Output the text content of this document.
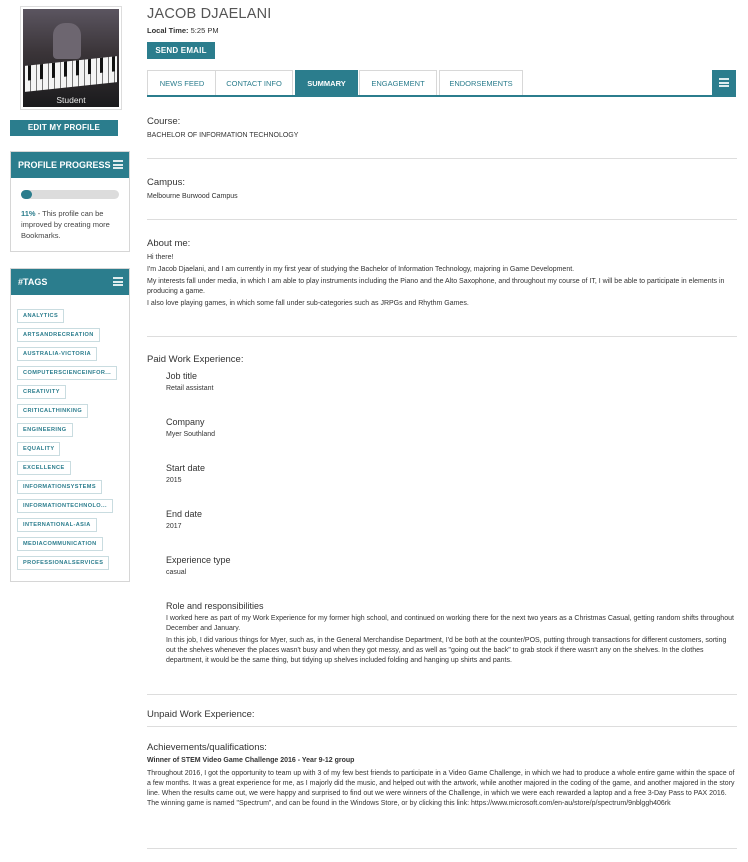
Student
EDIT MY PROFILE
PROFILE PROGRESS
11% - This profile can be improved by creating more Bookmarks.
#TAGS
ANALYTICS
ARTSANDRECREATION
AUSTRALIA-VICTORIA
COMPUTERSCIENCEINFOR...
CREATIVITY
CRITICALTHINKING
ENGINEERING
EQUALITY
EXCELLENCE
INFORMATIONSYSTEMS
INFORMATIONTECHNOLO...
INTERNATIONAL-ASIA
MEDIACOMMUNICATION
PROFESSIONALSERVICES
JACOB DJAELANI
Local Time: 5:25 PM
SEND EMAIL
NEWS FEED	CONTACT INFO	SUMMARY	ENGAGEMENT	ENDORSEMENTS
Course:
BACHELOR OF INFORMATION TECHNOLOGY
Campus:
Melbourne Burwood Campus
About me:
Hi there!
I'm Jacob Djaelani, and I am currently in my first year of studying the Bachelor of Information Technology, majoring in Game Development.
My interests fall under media, in which I am able to play instruments including the Piano and the Alto Saxophone, and throughout my course of IT, I will be able to participate in elements in producing a game.
I also love playing games, in which some fall under sub-categories such as JRPGs and Rhythm Games.
Paid Work Experience:
Job title
Retail assistant
Company
Myer Southland
Start date
2015
End date
2017
Experience type
casual
Role and responsibilities
I worked here as part of my Work Experience for my former high school, and continued on working there for the next two years as a Christmas Casual, getting random shifts throughout December and January.
In this job, I did various things for Myer, such as, in the General Merchandise Department, I'd be both at the counter/POS, putting through transactions for different customers, sorting out the shelves whenever the places wasn't busy and when they got messy, and as well as "going out the back" to grab stock if there wasn't any on the shelves. In the clothes department, it would be the same thing, but tidying up shelves included folding and hanging up shirts and pants.
Unpaid Work Experience:
Achievements/qualifications:
Winner of STEM Video Game Challenge 2016 - Year 9-12 group
Throughout 2016, I got the opportunity to team up with 3 of my few best friends to participate in a Video Game Challenge, in which we had to produce a whole entire game within the space of a few months. It was a great experience for me, as I majorly did the music, and helped out with the artwork, while another majored in the coding of the game, and another majored in the story line. When the results came out, we were happy and surprised to find out we were winners of the Challenge, in which we were each rewarded a laptop and a free 3-Day Pass to PAX 2016. The winning game is named "Spectrum", and can be found in the Windows Store, or by clicking this link: https://www.microsoft.com/en-au/store/p/spectrum/9nblggh406rk
